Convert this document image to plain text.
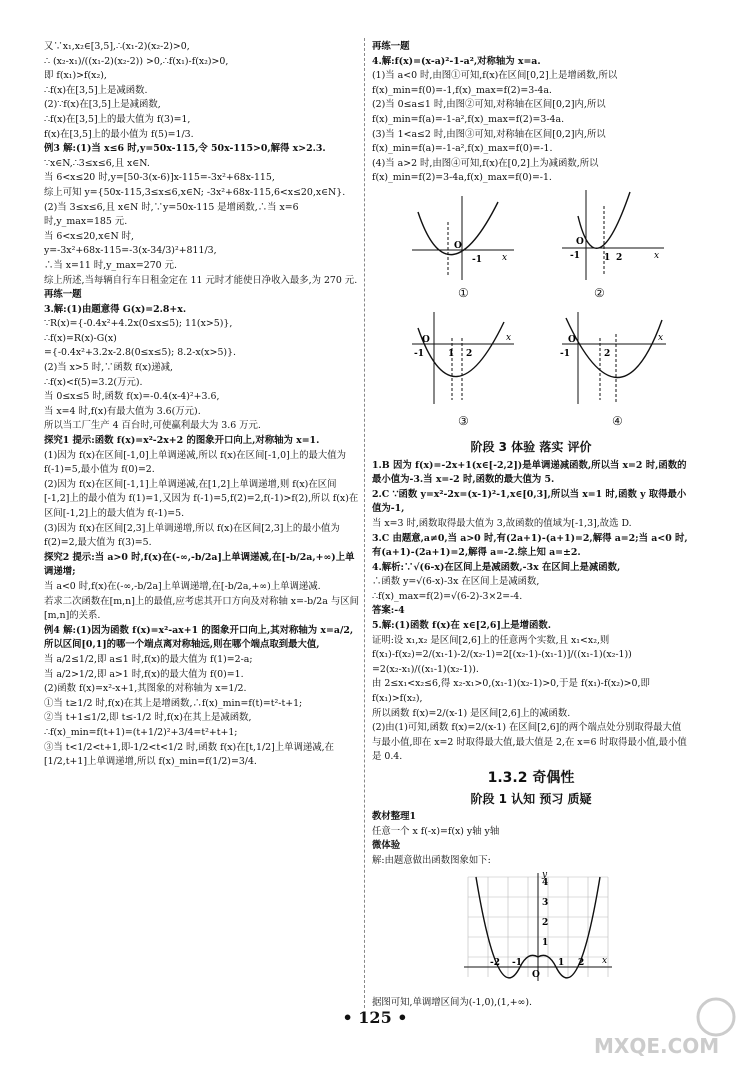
又∵x₁,x₂∈[3,5],∴(x₁-2)(x₂-2)>0,
∴ (x₂-x₁)/((x₁-2)(x₂-2)) >0,∴f(x₁)-f(x₂)>0,
即 f(x₁)>f(x₂),
∴f(x)在[3,5]上是减函数.
(2)∵f(x)在[3,5]上是减函数,
∴f(x)在[3,5]上的最大值为 f(3)=1,
f(x)在[3,5]上的最小值为 f(5)=1/3.
例3 解:(1)当 x≤6 时,y=50x-115,令 50x-115>0,解得 x>2.3.
∵x∈N,∴3≤x≤6,且 x∈N.
当 6<x≤20 时,y=[50-3(x-6)]x-115=-3x²+68x-115,
综上可知 y={50x-115,3≤x≤6,x∈N; -3x²+68x-115,6<x≤20,x∈N}.
(2)当 3≤x≤6,且 x∈N 时,∵y=50x-115 是增函数,∴当 x=6 时,y_max=185 元.
当 6<x≤20,x∈N 时,
y=-3x²+68x-115=-3(x-34/3)²+811/3,
∴当 x=11 时,y_max=270 元.
综上所述,当每辆自行车日租金定在 11 元时才能使日净收入最多,为 270 元.
再练一题
3.解:(1)由题意得 G(x)=2.8+x.
∵R(x)={-0.4x²+4.2x(0≤x≤5); 11(x>5)},
∴f(x)=R(x)-G(x)
={-0.4x²+3.2x-2.8(0≤x≤5); 8.2-x(x>5)}.
(2)当 x>5 时,∵函数 f(x)递减,
∴f(x)<f(5)=3.2(万元).
当 0≤x≤5 时,函数 f(x)=-0.4(x-4)²+3.6,
当 x=4 时,f(x)有最大值为 3.6(万元).
所以当工厂生产 4 百台时,可使赢利最大为 3.6 万元.
探究1 提示:函数 f(x)=x²-2x+2 的图象开口向上,对称轴为 x=1.
(1)因为 f(x)在区间[-1,0]上单调递减,所以 f(x)在区间[-1,0]上的最大值为 f(-1)=5,最小值为 f(0)=2.
(2)因为 f(x)在区间[-1,1]上单调递减,在[1,2]上单调递增,则 f(x)在区间[-1,2]上的最小值为 f(1)=1,又因为 f(-1)=5,f(2)=2,f(-1)>f(2),所以 f(x)在区间[-1,2]上的最大值为 f(-1)=5.
(3)因为 f(x)在区间[2,3]上单调递增,所以 f(x)在区间[2,3]上的最小值为 f(2)=2,最大值为 f(3)=5.
探究2 提示:当 a>0 时,f(x)在(-∞,-b/2a]上单调递减,在[-b/2a,+∞)上单调递增;
当 a<0 时,f(x)在(-∞,-b/2a]上单调递增,在[-b/2a,+∞)上单调递减.
若求二次函数在[m,n]上的最值,应考虑其开口方向及对称轴 x=-b/2a 与区间[m,n]的关系.
例4 解:(1)因为函数 f(x)=x²-ax+1 的图象开口向上,其对称轴为 x=a/2,所以区间[0,1]的哪一个端点离对称轴远,则在哪个端点取到最大值,
当 a/2≤1/2,即 a≤1 时,f(x)的最大值为 f(1)=2-a;
当 a/2>1/2,即 a>1 时,f(x)的最大值为 f(0)=1.
(2)函数 f(x)=x²-x+1,其图象的对称轴为 x=1/2.
①当 t≥1/2 时,f(x)在其上是增函数,∴f(x)_min=f(t)=t²-t+1;
②当 t+1≤1/2,即 t≤-1/2 时,f(x)在其上是减函数,
∴f(x)_min=f(t+1)=(t+1/2)²+3/4=t²+t+1;
③当 t<1/2<t+1,即-1/2<t<1/2 时,函数 f(x)在[t,1/2]上单调递减,在[1/2,t+1]上单调递增,所以 f(x)_min=f(1/2)=3/4.
再练一题
4.解:f(x)=(x-a)²-1-a²,对称轴为 x=a.
(1)当 a<0 时,由图①可知,f(x)在区间[0,2]上是增函数,所以
f(x)_min=f(0)=-1,f(x)_max=f(2)=3-4a.
(2)当 0≤a≤1 时,由图②可知,对称轴在区间[0,2]内,所以
f(x)_min=f(a)=-1-a²,f(x)_max=f(2)=3-4a.
(3)当 1<a≤2 时,由图③可知,对称轴在区间[0,2]内,所以
f(x)_min=f(a)=-1-a²,f(x)_max=f(0)=-1.
(4)当 a>2 时,由图④可知,f(x)在[0,2]上为减函数,所以
f(x)_min=f(2)=3-4a,f(x)_max=f(0)=-1.
O
-1 x
①
O
-1	1 2	x
②
O
-1	1 2
x
③
O
-1	2
x
④
阶段 3 体验 落实 评价
1.B 因为 f(x)=-2x+1(x∈[-2,2])是单调递减函数,所以当 x=2 时,函数的最小值为-3.当 x=-2 时,函数的最大值为 5.
2.C ∵函数 y=x²-2x=(x-1)²-1,x∈[0,3],所以当 x=1 时,函数 y 取得最小值为-1,
当 x=3 时,函数取得最大值为 3,故函数的值域为[-1,3],故选 D.
3.C 由题意,a≠0,当 a>0 时,有(2a+1)-(a+1)=2,解得 a=2;当 a<0 时,有(a+1)-(2a+1)=2,解得 a=-2.综上知 a=±2.
4.解析:∵√(6-x)在区间上是减函数,-3x 在区间上是减函数,
∴函数 y=√(6-x)-3x 在区间上是减函数,
∴f(x)_max=f(2)=√(6-2)-3×2=-4.
答案:-4
5.解:(1)函数 f(x)在 x∈[2,6]上是增函数.
证明:设 x₁,x₂ 是区间[2,6]上的任意两个实数,且 x₁<x₂,则
f(x₁)-f(x₂)=2/(x₁-1)-2/(x₂-1)=2[(x₂-1)-(x₁-1)]/((x₁-1)(x₂-1))
=2(x₂-x₁)/((x₁-1)(x₂-1)).
由 2≤x₁<x₂≤6,得 x₂-x₁>0,(x₁-1)(x₂-1)>0,于是 f(x₁)-f(x₂)>0,即 f(x₁)>f(x₂),
所以函数 f(x)=2/(x-1) 是区间[2,6]上的减函数.
(2)由(1)可知,函数 f(x)=2/(x-1) 在区间[2,6]的两个端点处分别取得最大值与最小值,即在 x=2 时取得最大值,最大值是 2,在 x=6 时取得最小值,最小值是 0.4.
1.3.2 奇偶性
阶段 1 认知 预习 质疑
教材整理1
任意一个 x f(-x)=f(x) y轴 y轴
微体验
解:由题意做出函数图象如下:
4
3
2
1
-2 -1	1 2 x
y
O
据图可知,单调增区间为(-1,0),(1,+∞).
• 125 •
MXQE.COM
